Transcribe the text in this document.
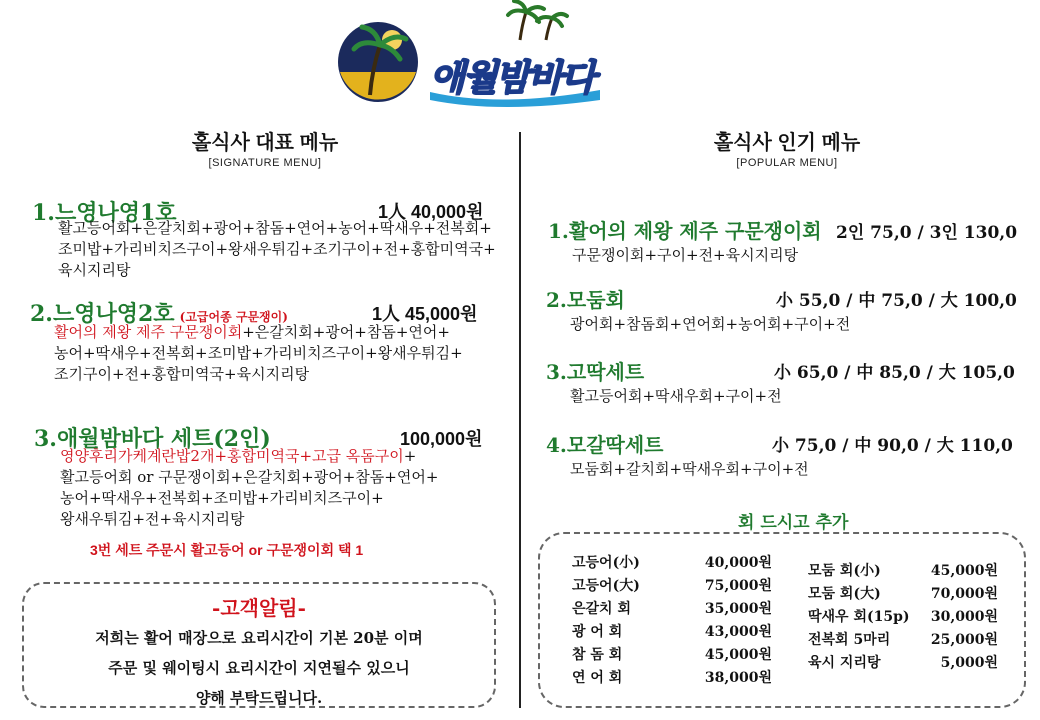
애월밤바다
홀식사 대표 메뉴
[SIGNATURE MENU]
홀식사 인기 메뉴
[POPULAR MENU]
1.느영나영1호	1人 40,000원
활고등어회+은갈치회+광어+참돔+연어+농어+딱새우+전복회+
조미밥+가리비치즈구이+왕새우튀김+조기구이+전+홍합미역국+
육시지리탕
2.느영나영2호 (고급어종 구문쟁이)	1人 45,000원
활어의 제왕 제주 구문쟁이회+은갈치회+광어+참돔+연어+
농어+딱새우+전복회+조미밥+가리비치즈구이+왕새우튀김+
조기구이+전+홍합미역국+육시지리탕
3.애월밤바다 세트(2인)	100,000원
영양후리가케계란밥2개+홍합미역국+고급 옥돔구이+
활고등어회 or 구문쟁이회+은갈치회+광어+참돔+연어+
농어+딱새우+전복회+조미밥+가리비치즈구이+
왕새우튀김+전+육시지리탕
3번 세트 주문시 활고등어 or 구문쟁이회 택 1
-고객알림-
저희는 활어 매장으로 요리시간이 기본 20분 이며
주문 및 웨이팅시 요리시간이 지연될수 있으니
양해 부탁드립니다.
1.활어의 제왕 제주 구문쟁이회 2인 75,0 / 3인 130,0
구문쟁이회+구이+전+육시지리탕
2.모둠회	小 55,0 / 中 75,0 / 大 100,0
광어회+참돔회+연어회+농어회+구이+전
3.고딱세트	小 65,0 / 中 85,0 / 大 105,0
활고등어회+딱새우회+구이+전
4.모갈딱세트	小 75,0 / 中 90,0 / 大 110,0
모둠회+갈치회+딱새우회+구이+전
회 드시고 추가
고등어(小)	40,000원
고등어(大)	75,000원
은갈치 회	35,000원
광 어 회	43,000원
참 돔 회	45,000원
연 어 회	38,000원
모둠 회(小)	45,000원
모둠 회(大)	70,000원
딱새우 회(15p) 30,000원
전복회 5마리	25,000원
육시 지리탕	5,000원
